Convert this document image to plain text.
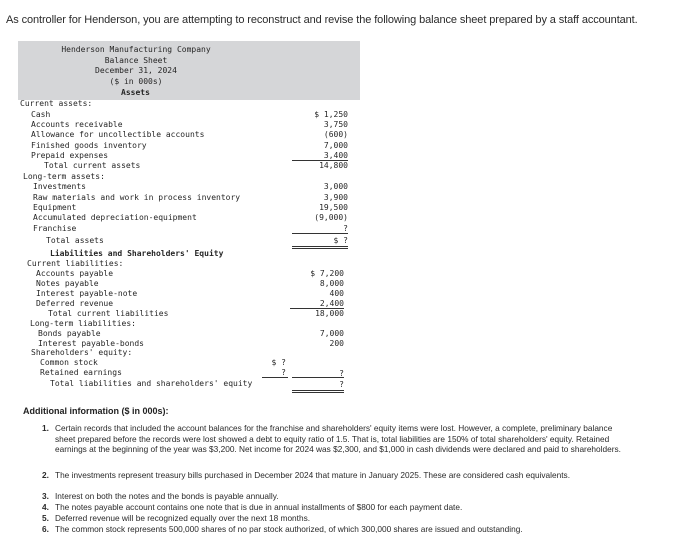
As controller for Henderson, you are attempting to reconstruct and revise the following balance sheet prepared by a staff accountant.
Henderson Manufacturing Company
Balance Sheet
December 31, 2024
($ in 000s)
Assets
Current assets:
Cash	$ 1,250
Accounts receivable	3,750
Allowance for uncollectible accounts	(600)
Finished goods inventory	7,000
Prepaid expenses	3,400
Total current assets	14,800
Long-term assets:
Investments	3,000
Raw materials and work in process inventory	3,900
Equipment	19,500
Accumulated depreciation-equipment	(9,000)
Franchise	?
Total assets	$ ?
Liabilities and Shareholders' Equity
Current liabilities:
Accounts payable	$ 7,200
Notes payable	8,000
Interest payable-note	400
Deferred revenue	2,400
Total current liabilities	18,000
Long-term liabilities:
Bonds payable	7,000
Interest payable-bonds	200
Shareholders' equity:
Common stock	$ ?
Retained earnings	?	?
Total liabilities and shareholders' equity	?
Additional information ($ in 000s):
1. Certain records that included the account balances for the franchise and shareholders' equity items were lost. However, a complete, preliminary balance sheet prepared before the records were lost showed a debt to equity ratio of 1.5. That is, total liabilities are 150% of total shareholders' equity. Retained earnings at the beginning of the year was $3,200. Net income for 2024 was $2,300, and $1,000 in cash dividends were declared and paid to shareholders.
2. The investments represent treasury bills purchased in December 2024 that mature in January 2025. These are considered cash equivalents.
3. Interest on both the notes and the bonds is payable annually.
4. The notes payable account contains one note that is due in annual installments of $800 for each payment date.
5. Deferred revenue will be recognized equally over the next 18 months.
6. The common stock represents 500,000 shares of no par stock authorized, of which 300,000 shares are issued and outstanding.
